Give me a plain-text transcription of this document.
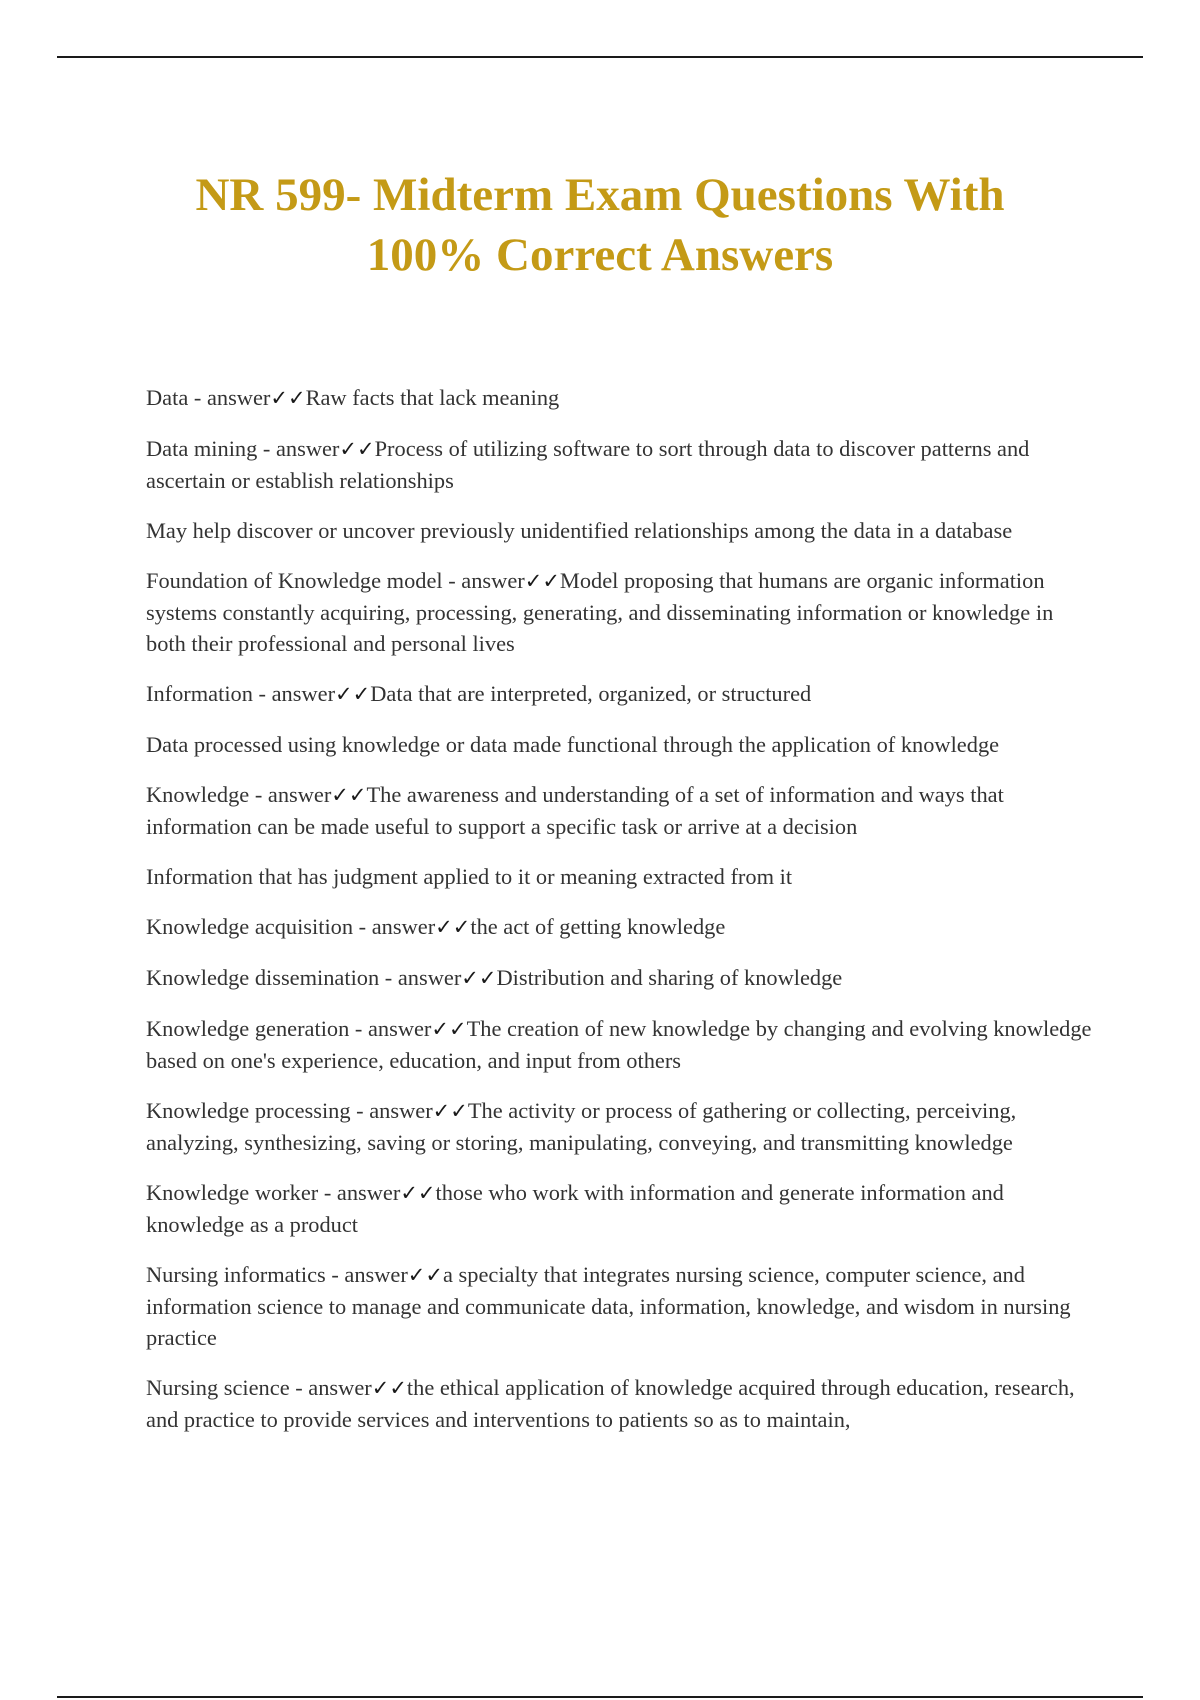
NR 599- Midterm Exam Questions With
100% Correct Answers

Data - answer✓✓Raw facts that lack meaning

Data mining - answer✓✓Process of utilizing software to sort through data to discover patterns and ascertain or establish relationships

May help discover or uncover previously unidentified relationships among the data in a database

Foundation of Knowledge model - answer✓✓Model proposing that humans are organic information systems constantly acquiring, processing, generating, and disseminating information or knowledge in both their professional and personal lives

Information - answer✓✓Data that are interpreted, organized, or structured

Data processed using knowledge or data made functional through the application of knowledge

Knowledge - answer✓✓The awareness and understanding of a set of information and ways that information can be made useful to support a specific task or arrive at a decision

Information that has judgment applied to it or meaning extracted from it

Knowledge acquisition - answer✓✓the act of getting knowledge

Knowledge dissemination - answer✓✓Distribution and sharing of knowledge

Knowledge generation - answer✓✓The creation of new knowledge by changing and evolving knowledge based on one's experience, education, and input from others

Knowledge processing - answer✓✓The activity or process of gathering or collecting, perceiving, analyzing, synthesizing, saving or storing, manipulating, conveying, and transmitting knowledge

Knowledge worker - answer✓✓those who work with information and generate information and knowledge as a product

Nursing informatics - answer✓✓a specialty that integrates nursing science, computer science, and information science to manage and communicate data, information, knowledge, and wisdom in nursing practice

Nursing science - answer✓✓the ethical application of knowledge acquired through education, research, and practice to provide services and interventions to patients so as to maintain,
